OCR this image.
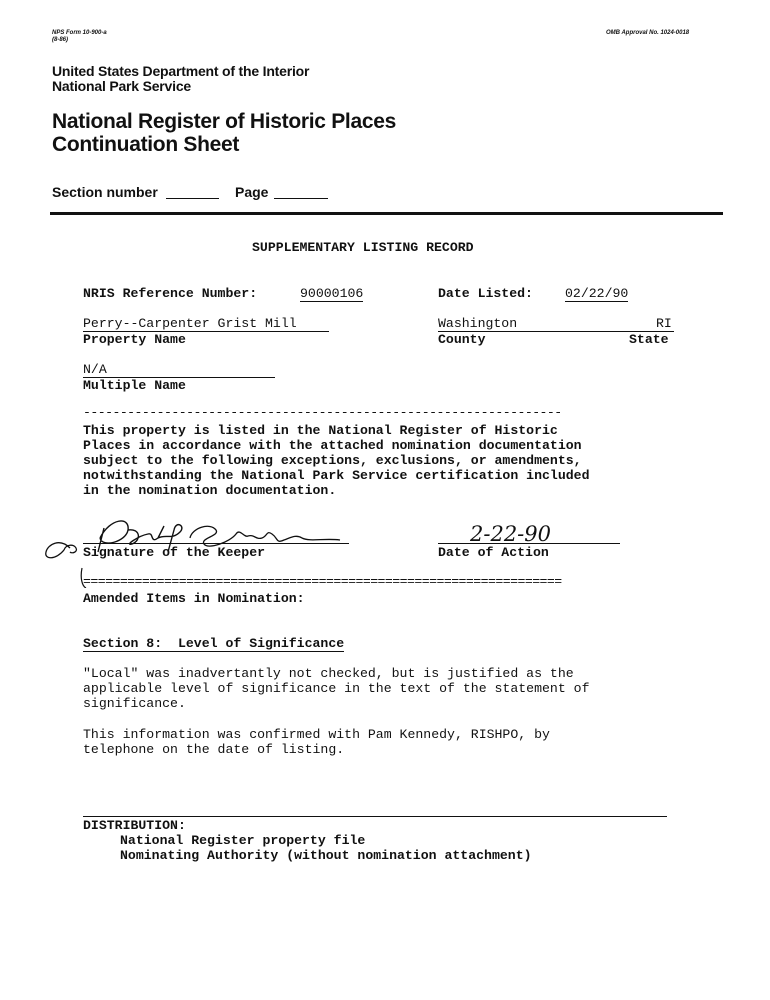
NPS Form 10-900-a
(8-86)
OMB Approval No. 1024-0018
United States Department of the Interior
National Park Service
National Register of Historic Places
Continuation Sheet
Section number	Page
SUPPLEMENTARY LISTING RECORD
NRIS Reference Number:	90000106	Date Listed: 02/22/90
Perry--Carpenter Grist Mill
Property Name
Washington
County
RI
State
N/A
Multiple Name
-----------------------------------------------------------------
This property is listed in the National Register of Historic
Places in accordance with the attached nomination documentation
subject to the following exceptions, exclusions, or amendments,
notwithstanding the National Park Service certification included
in the nomination documentation.
Signature of the Keeper
2-22-90
Date of Action
=================================================================
Amended Items in Nomination:
Section 8:  Level of Significance
"Local" was inadvertantly not checked, but is justified as the
applicable level of significance in the text of the statement of
significance.
This information was confirmed with Pam Kennedy, RISHPO, by
telephone on the date of listing.
DISTRIBUTION:
National Register property file
Nominating Authority (without nomination attachment)
